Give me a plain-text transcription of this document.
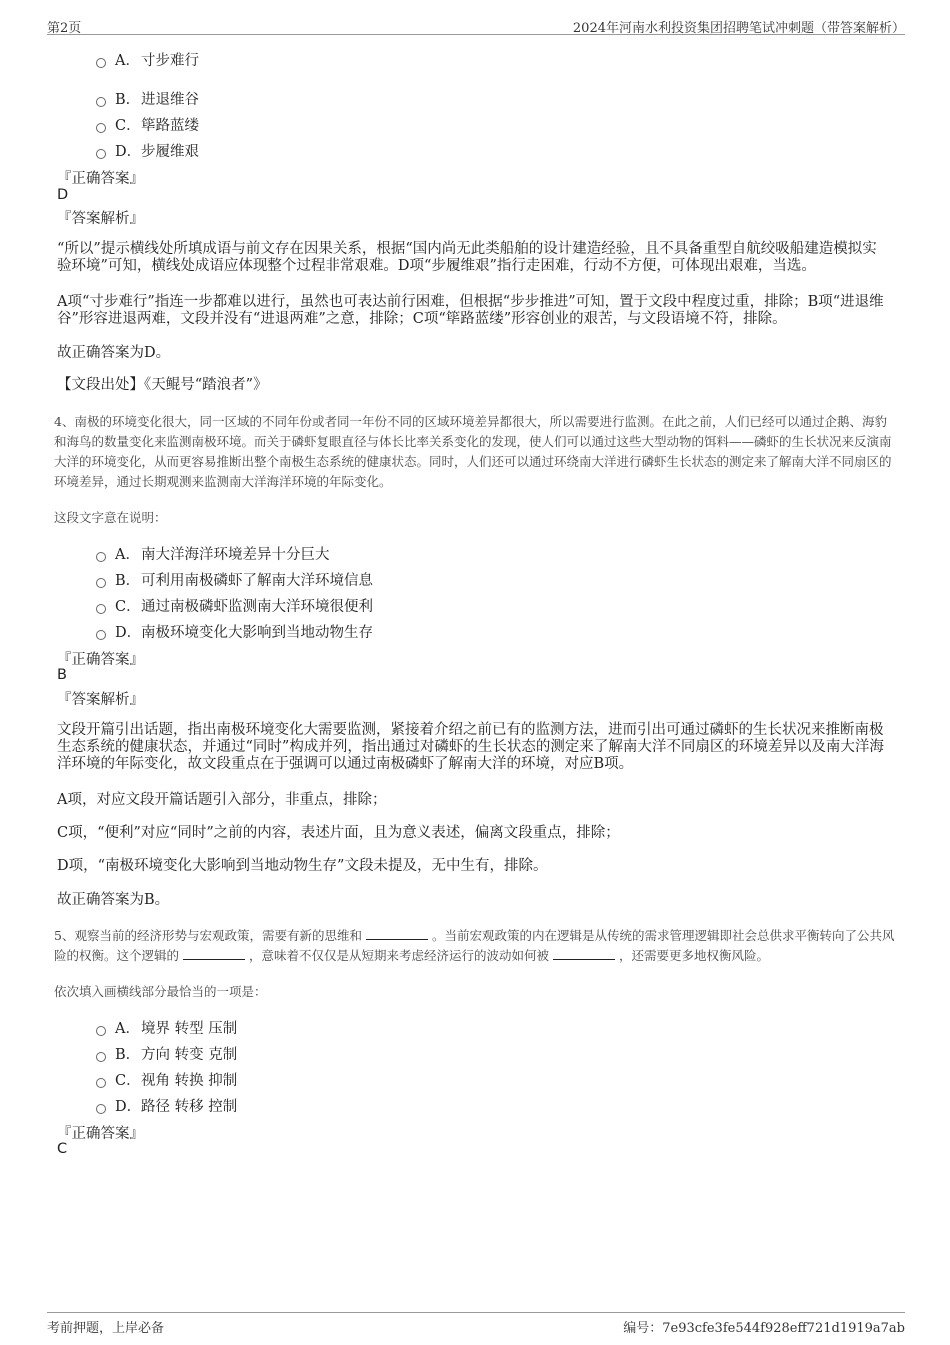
第2页	2024年河南水利投资集团招聘笔试冲刺题（带答案解析）
A．寸步难行
B．进退维谷
C．筚路蓝缕
D．步履维艰
『正确答案』
D
『答案解析』
“所以”提示横线处所填成语与前文存在因果关系，根据“国内尚无此类船舶的设计建造经验，且不具备重型自航绞吸船建造模拟实验环境”可知，横线处成语应体现整个过程非常艰难。D项“步履维艰”指行走困难，行动不方便，可体现出艰难，当选。
A项“寸步难行”指连一步都难以进行，虽然也可表达前行困难，但根据“步步推进”可知，置于文段中程度过重，排除；B项“进退维谷”形容进退两难，文段并没有“进退两难”之意，排除；C项“筚路蓝缕”形容创业的艰苦，与文段语境不符，排除。
故正确答案为D。
【文段出处】《天鲲号“踏浪者”》
4、南极的环境变化很大，同一区域的不同年份或者同一年份不同的区域环境差异都很大，所以需要进行监测。在此之前，人们已经可以通过企鹅、海豹和海鸟的数量变化来监测南极环境。而关于磷虾复眼直径与体长比率关系变化的发现，使人们可以通过这些大型动物的饵料——磷虾的生长状况来反演南大洋的环境变化，从而更容易推断出整个南极生态系统的健康状态。同时，人们还可以通过环绕南大洋进行磷虾生长状态的测定来了解南大洋不同扇区的环境差异，通过长期观测来监测南大洋海洋环境的年际变化。
这段文字意在说明：
A．南大洋海洋环境差异十分巨大
B．可利用南极磷虾了解南大洋环境信息
C．通过南极磷虾监测南大洋环境很便利
D．南极环境变化大影响到当地动物生存
『正确答案』
B
『答案解析』
文段开篇引出话题，指出南极环境变化大需要监测，紧接着介绍之前已有的监测方法，进而引出可通过磷虾的生长状况来推断南极生态系统的健康状态，并通过“同时”构成并列，指出通过对磷虾的生长状态的测定来了解南大洋不同扇区的环境差异以及南大洋海洋环境的年际变化，故文段重点在于强调可以通过南极磷虾了解南大洋的环境，对应B项。
A项，对应文段开篇话题引入部分，非重点，排除；
C项，“便利”对应“同时”之前的内容，表述片面，且为意义表述，偏离文段重点，排除；
D项，“南极环境变化大影响到当地动物生存”文段未提及，无中生有，排除。
故正确答案为B。
5、观察当前的经济形势与宏观政策，需要有新的思维和	。当前宏观政策的内在逻辑是从传统的需求管理逻辑即社会总供求平衡转向了公共风险的权衡。这个逻辑的	，意味着不仅仅是从短期来考虑经济运行的波动如何被	，还需要更多地权衡风险。
依次填入画横线部分最恰当的一项是：
A．境界 转型 压制
B．方向 转变 克制
C．视角 转换 抑制
D．路径 转移 控制
『正确答案』
C
考前押题，上岸必备	编号：7e93cfe3fe544f928eff721d1919a7ab
